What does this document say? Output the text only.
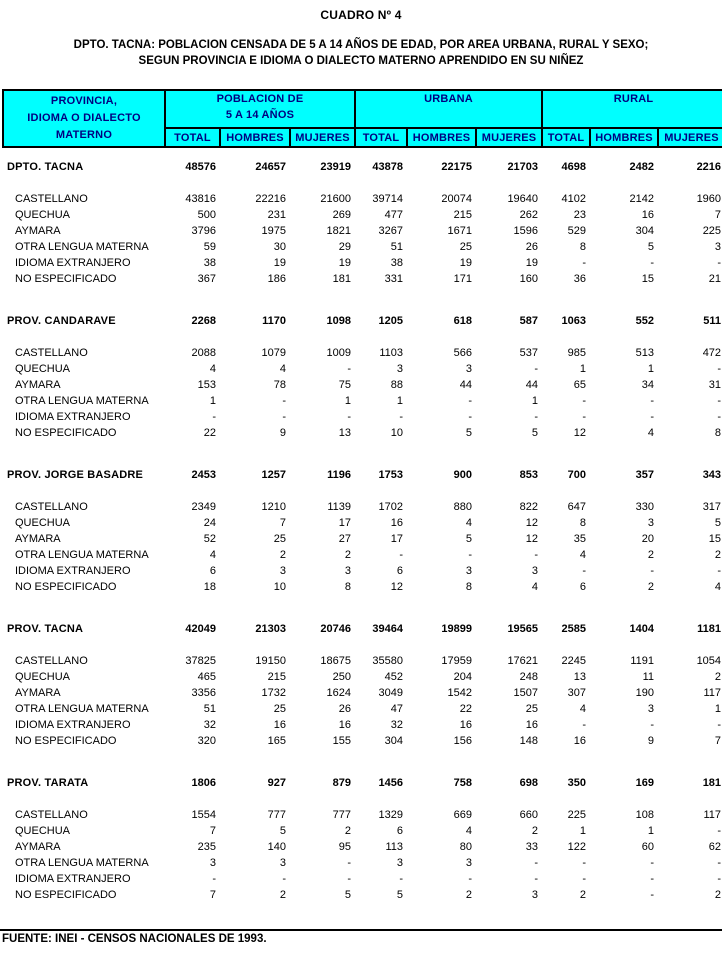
CUADRO Nº 4
DPTO. TACNA: POBLACION CENSADA DE 5 A 14 AÑOS DE EDAD, POR AREA URBANA, RURAL Y SEXO;
SEGUN PROVINCIA E IDIOMA O DIALECTO MATERNO APRENDIDO EN SU NIÑEZ
PROVINCIA,
IDIOMA O DIALECTO
MATERNO

POBLACION DE
5 A 14 AÑOS

URBANA	RURAL

	TOTAL	HOMBRES	MUJERES	TOTAL	HOMBRES	MUJERES	TOTAL	HOMBRES	MUJERES

DPTO. TACNA	48576	24657	23919	43878	22175	21703	4698	2482	2216

CASTELLANO	43816	22216	21600	39714	20074	19640	4102	2142	1960
QUECHUA	500	231	269	477	215	262	23	16	7
AYMARA	3796	1975	1821	3267	1671	1596	529	304	225
OTRA LENGUA MATERNA	59	30	29	51	25	26	8	5	3
IDIOMA EXTRANJERO	38	19	19	38	19	19	-	-	-
NO ESPECIFICADO	367	186	181	331	171	160	36	15	21

PROV. CANDARAVE	2268	1170	1098	1205	618	587	1063	552	511

CASTELLANO	2088	1079	1009	1103	566	537	985	513	472
QUECHUA	4	4	-	3	3	-	1	1	-
AYMARA	153	78	75	88	44	44	65	34	31
OTRA LENGUA MATERNA	1	-	1	1	-	1	-	-	-
IDIOMA EXTRANJERO	-	-	-	-	-	-	-	-	-
NO ESPECIFICADO	22	9	13	10	5	5	12	4	8

PROV. JORGE BASADRE	2453	1257	1196	1753	900	853	700	357	343

CASTELLANO	2349	1210	1139	1702	880	822	647	330	317
QUECHUA	24	7	17	16	4	12	8	3	5
AYMARA	52	25	27	17	5	12	35	20	15
OTRA LENGUA MATERNA	4	2	2	-	-	-	4	2	2
IDIOMA EXTRANJERO	6	3	3	6	3	3	-	-	-
NO ESPECIFICADO	18	10	8	12	8	4	6	2	4

PROV. TACNA	42049	21303	20746	39464	19899	19565	2585	1404	1181

CASTELLANO	37825	19150	18675	35580	17959	17621	2245	1191	1054
QUECHUA	465	215	250	452	204	248	13	11	2
AYMARA	3356	1732	1624	3049	1542	1507	307	190	117
OTRA LENGUA MATERNA	51	25	26	47	22	25	4	3	1
IDIOMA EXTRANJERO	32	16	16	32	16	16	-	-	-
NO ESPECIFICADO	320	165	155	304	156	148	16	9	7

PROV. TARATA	1806	927	879	1456	758	698	350	169	181

CASTELLANO	1554	777	777	1329	669	660	225	108	117
QUECHUA	7	5	2	6	4	2	1	1	-
AYMARA	235	140	95	113	80	33	122	60	62
OTRA LENGUA MATERNA	3	3	-	3	3	-	-	-	-
IDIOMA EXTRANJERO	-	-	-	-	-	-	-	-	-
NO ESPECIFICADO	7	2	5	5	2	3	2	-	2
FUENTE: INEI - CENSOS NACIONALES DE 1993.
